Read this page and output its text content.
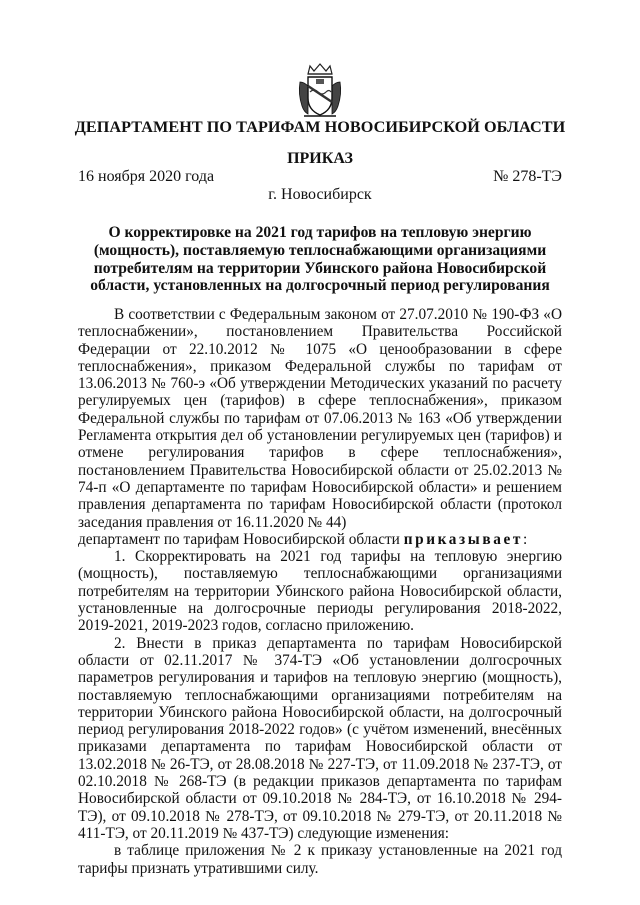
ДЕПАРТАМЕНТ ПО ТАРИФАМ НОВОСИБИРСКОЙ ОБЛАСТИ
ПРИКАЗ
16 ноября 2020 года	№ 278-ТЭ
г. Новосибирск
О корректировке на 2021 год тарифов на тепловую энергию (мощность), поставляемую теплоснабжающими организациями потребителям на территории Убинского района Новосибирской области, установленных на долгосрочный период регулирования

В соответствии с Федеральным законом от 27.07.2010 № 190-ФЗ «О теплоснабжении», постановлением Правительства Российской Федерации от 22.10.2012 № 1075 «О ценообразовании в сфере теплоснабжения», приказом Федеральной службы по тарифам от 13.06.2013 № 760-э «Об утверждении Методических указаний по расчету регулируемых цен (тарифов) в сфере теплоснабжения», приказом Федеральной службы по тарифам от 07.06.2013 № 163 «Об утверждении Регламента открытия дел об установлении регулируемых цен (тарифов) и отмене регулирования тарифов в сфере теплоснабжения», постановлением Правительства Новосибирской области от 25.02.2013 № 74-п «О департаменте по тарифам Новосибирской области» и решением правления департамента по тарифам Новосибирской области (протокол заседания правления от 16.11.2020 № 44)

департамент по тарифам Новосибирской области приказывает:

1. Скорректировать на 2021 год тарифы на тепловую энергию (мощность), поставляемую теплоснабжающими организациями потребителям на территории Убинского района Новосибирской области, установленные на долгосрочные периоды регулирования 2018-2022, 2019-2021, 2019-2023 годов, согласно приложению.

2. Внести в приказ департамента по тарифам Новосибирской области от 02.11.2017 № 374-ТЭ «Об установлении долгосрочных параметров регулирования и тарифов на тепловую энергию (мощность), поставляемую теплоснабжающими организациями потребителям на территории Убинского района Новосибирской области, на долгосрочный период регулирования 2018-2022 годов» (с учётом изменений, внесённых приказами департамента по тарифам Новосибирской области от 13.02.2018 № 26-ТЭ, от 28.08.2018 № 227-ТЭ, от 11.09.2018 № 237-ТЭ, от 02.10.2018 № 268-ТЭ (в редакции приказов департамента по тарифам Новосибирской области от 09.10.2018 № 284-ТЭ, от 16.10.2018 № 294-ТЭ), от 09.10.2018 № 278-ТЭ, от 09.10.2018 № 279-ТЭ, от 20.11.2018 № 411-ТЭ, от 20.11.2019 № 437-ТЭ) следующие изменения:

в таблице приложения № 2 к приказу установленные на 2021 год тарифы признать утратившими силу.
